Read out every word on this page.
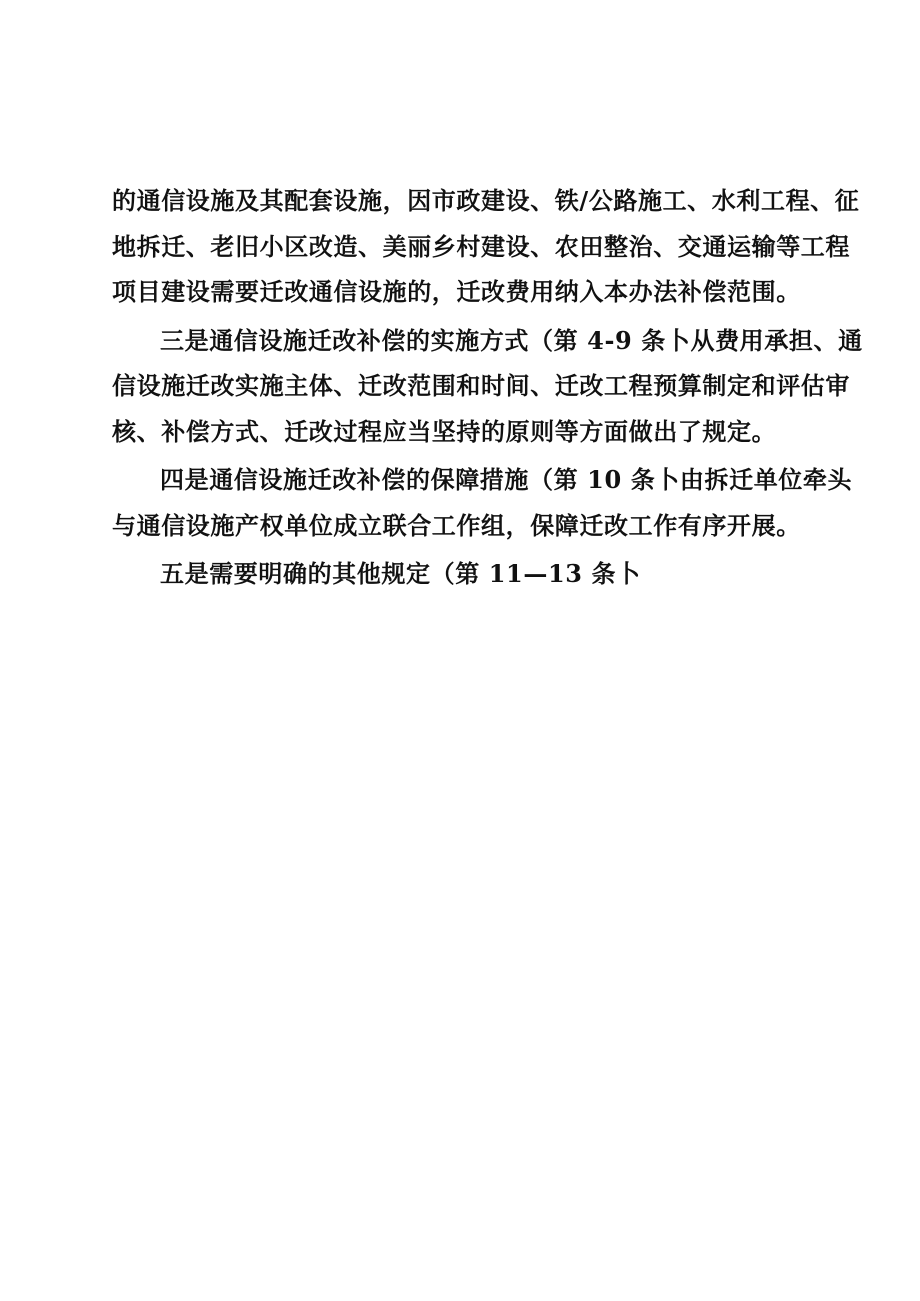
的通信设施及其配套设施，因市政建设、铁/公路施工、水利工程、征
地拆迁、老旧小区改造、美丽乡村建设、农田整治、交通运输等工程
项目建设需要迁改通信设施的，迁改费用纳入本办法补偿范围。
三是通信设施迁改补偿的实施方式（第 4-9 条卜从费用承担、通
信设施迁改实施主体、迁改范围和时间、迁改工程预算制定和评估审
核、补偿方式、迁改过程应当坚持的原则等方面做出了规定。
四是通信设施迁改补偿的保障措施（第 10 条卜由拆迁单位牵头
与通信设施产权单位成立联合工作组，保障迁改工作有序开展。
五是需要明确的其他规定（第 11—13 条卜
